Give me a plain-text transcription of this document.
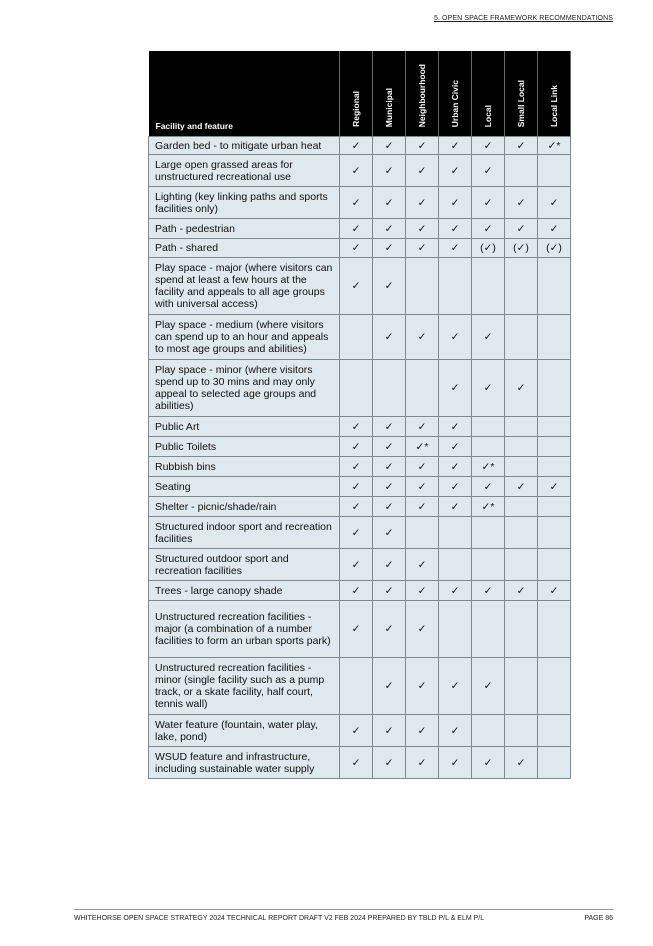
5. OPEN SPACE FRAMEWORK RECOMMENDATIONS
Facility and feature	Regional	Municipal	Neighbourhood	Urban Civic	Local	Small Local	Local Link
Garden bed - to mitigate urban heat	✓	✓	✓	✓	✓	✓	✓*
Large open grassed areas for unstructured recreational use	✓	✓	✓	✓	✓		
Lighting (key linking paths and sports facilities only)	✓	✓	✓	✓	✓	✓	✓
Path - pedestrian	✓	✓	✓	✓	✓	✓	✓
Path - shared	✓	✓	✓	✓	(✓)	(✓)	(✓)
Play space - major (where visitors can spend at least a few hours at the facility and appeals to all age groups with universal access)	✓	✓					
Play space - medium (where visitors can spend up to an hour and appeals to most age groups and abilities)		✓	✓	✓	✓		
Play space - minor (where visitors spend up to 30 mins and may only appeal to selected age groups and abilities)				✓	✓	✓	
Public Art	✓	✓	✓	✓			
Public Toilets	✓	✓	✓*	✓			
Rubbish bins	✓	✓	✓	✓	✓*		
Seating	✓	✓	✓	✓	✓	✓	✓
Shelter - picnic/shade/rain	✓	✓	✓	✓	✓*		
Structured indoor sport and recreation facilities	✓	✓					
Structured outdoor sport and recreation facilities	✓	✓	✓				
Trees - large canopy shade	✓	✓	✓	✓	✓	✓	✓
Unstructured recreation facilities - major (a combination of a number facilities to form an urban sports park)	✓	✓	✓				
Unstructured recreation facilities - minor (single facility such as a pump track, or a skate facility, half court, tennis wall)		✓	✓	✓	✓		
Water feature (fountain, water play, lake, pond)	✓	✓	✓	✓			
WSUD feature and infrastructure, including sustainable water supply	✓	✓	✓	✓	✓	✓	
WHITEHORSE OPEN SPACE STRATEGY 2024 TECHNICAL REPORT DRAFT V2 FEB 2024 PREPARED BY TBLD P/L & ELM P/L	PAGE 86
